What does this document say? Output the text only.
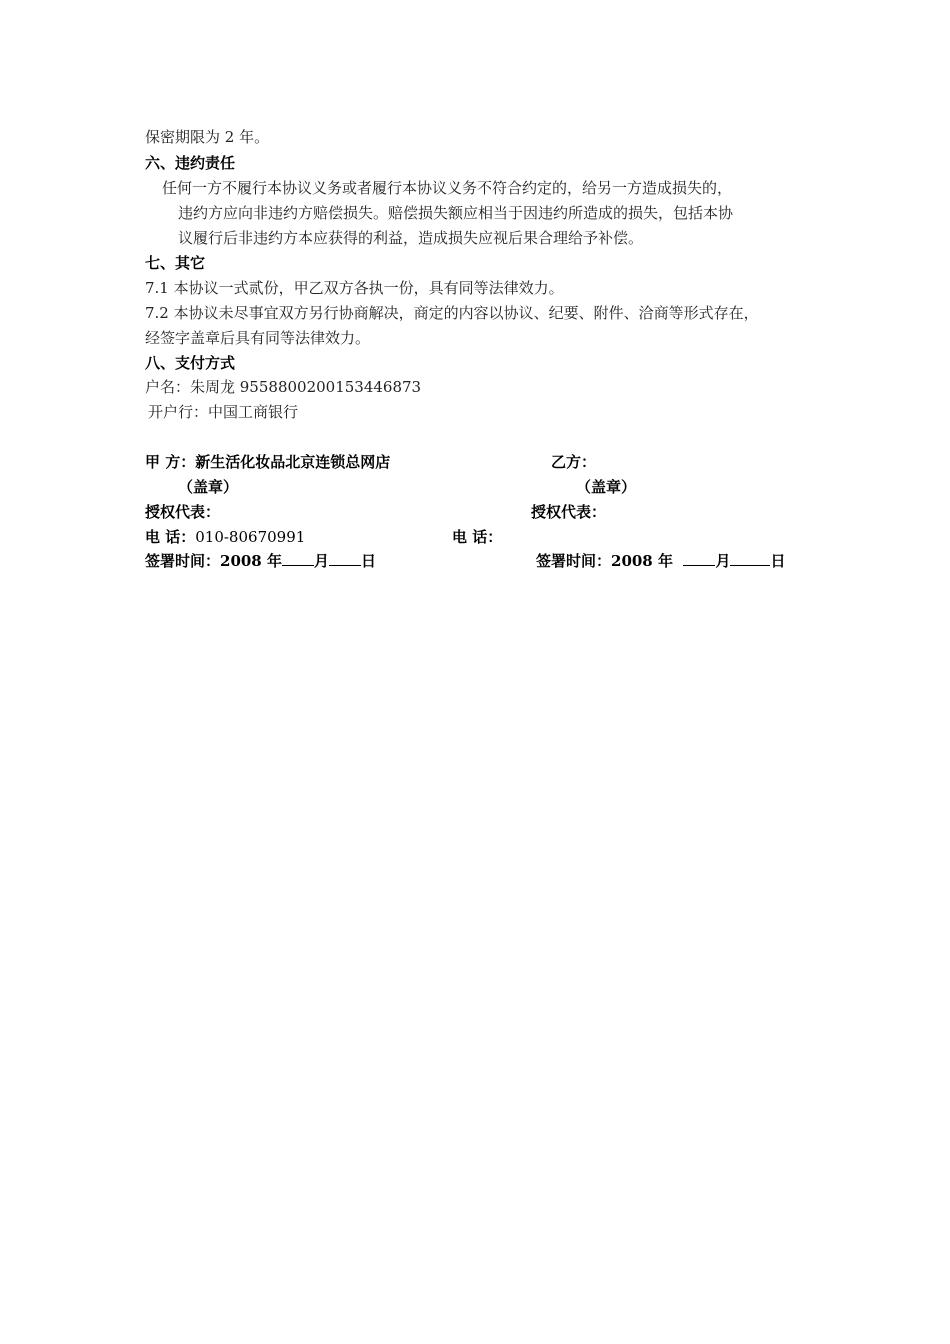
保密期限为 2 年。
六、违约责任
任何一方不履行本协议义务或者履行本协议义务不符合约定的，给另一方造成损失的，
违约方应向非违约方赔偿损失。赔偿损失额应相当于因违约所造成的损失，包括本协
议履行后非违约方本应获得的利益，造成损失应视后果合理给予补偿。
七、其它
7.1 本协议一式贰份，甲乙双方各执一份，具有同等法律效力。
7.2 本协议未尽事宜双方另行协商解决，商定的内容以协议、纪要、附件、洽商等形式存在，
经签字盖章后具有同等法律效力。
八、支付方式
户名：朱周龙 9558800200153446873
开户行：中国工商银行
甲 方：新生活化妆品北京连锁总网店
（盖章）
授权代表：
电 话：010-80670991
签署时间：2008 年 月 日
乙方：
（盖章）
授权代表：
电 话：
签署时间：2008 年	月	日
